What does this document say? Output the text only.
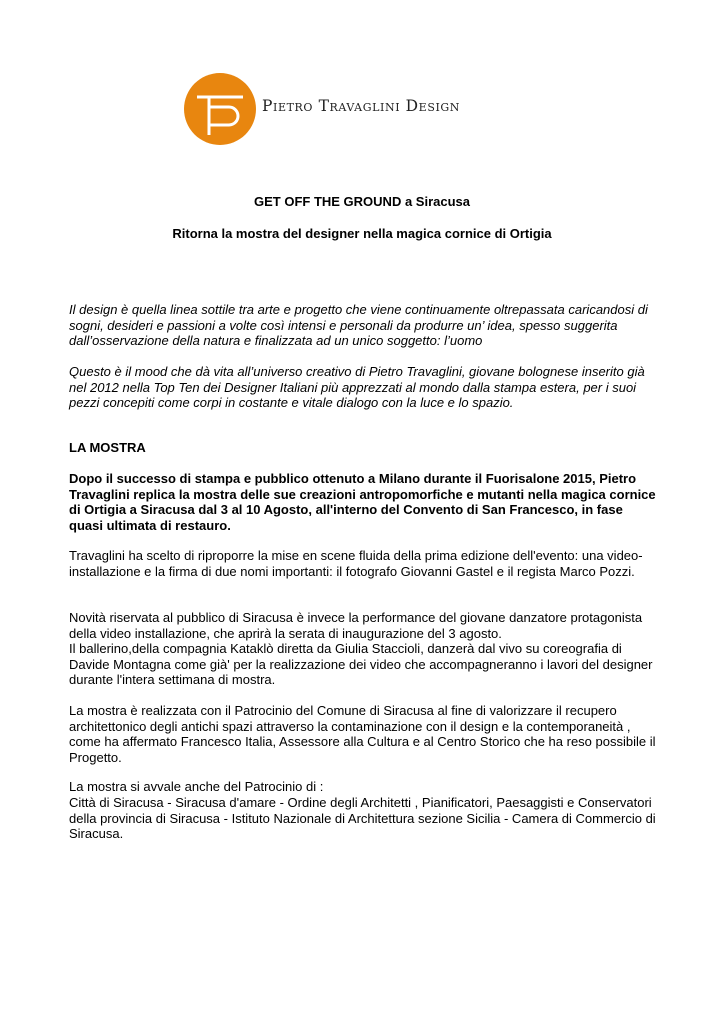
Pietro Travaglini Design
GET OFF THE GROUND a Siracusa
Ritorna la mostra del designer nella magica cornice di Ortigia

Il design è quella linea sottile tra arte e progetto che viene continuamente oltrepassata caricandosi di sogni, desideri e passioni a volte così intensi e personali da produrre un’ idea, spesso suggerita dall’osservazione della natura e finalizzata ad un unico soggetto: l’uomo

Questo è il mood che dà vita all’universo creativo di Pietro Travaglini, giovane bolognese inserito già nel 2012 nella Top Ten dei Designer Italiani più apprezzati al mondo dalla stampa estera, per i suoi pezzi concepiti come corpi in costante e vitale dialogo con la luce e lo spazio.

LA MOSTRA

Dopo il successo di stampa e pubblico ottenuto a Milano durante il Fuorisalone 2015, Pietro Travaglini replica la mostra delle sue creazioni antropomorfiche e mutanti nella magica cornice di Ortigia a Siracusa dal 3 al 10 Agosto, all'interno del Convento di San Francesco, in fase quasi ultimata di restauro.

Travaglini ha scelto di riproporre la mise en scene fluida della prima edizione dell'evento: una video-installazione e la firma di due nomi importanti: il fotografo Giovanni Gastel e il regista Marco Pozzi.

Novità riservata al pubblico di Siracusa è invece la performance del giovane danzatore protagonista della video installazione, che aprirà la serata di inaugurazione del 3 agosto.

Il ballerino,della compagnia Kataklò diretta da Giulia Staccioli, danzerà dal vivo su coreografia di Davide Montagna come già' per la realizzazione dei video che accompagneranno i lavori del designer durante l'intera settimana di mostra.

La mostra è realizzata con il Patrocinio del Comune di Siracusa al fine di valorizzare il recupero architettonico degli antichi spazi attraverso la contaminazione con il design e la contemporaneità , come ha affermato Francesco Italia, Assessore alla Cultura e al Centro Storico che ha reso possibile il Progetto.

La mostra si avvale anche del Patrocinio di :

Città di Siracusa - Siracusa d'amare - Ordine degli Architetti , Pianificatori, Paesaggisti e Conservatori della provincia di Siracusa - Istituto Nazionale di Architettura sezione Sicilia - Camera di Commercio di Siracusa.
